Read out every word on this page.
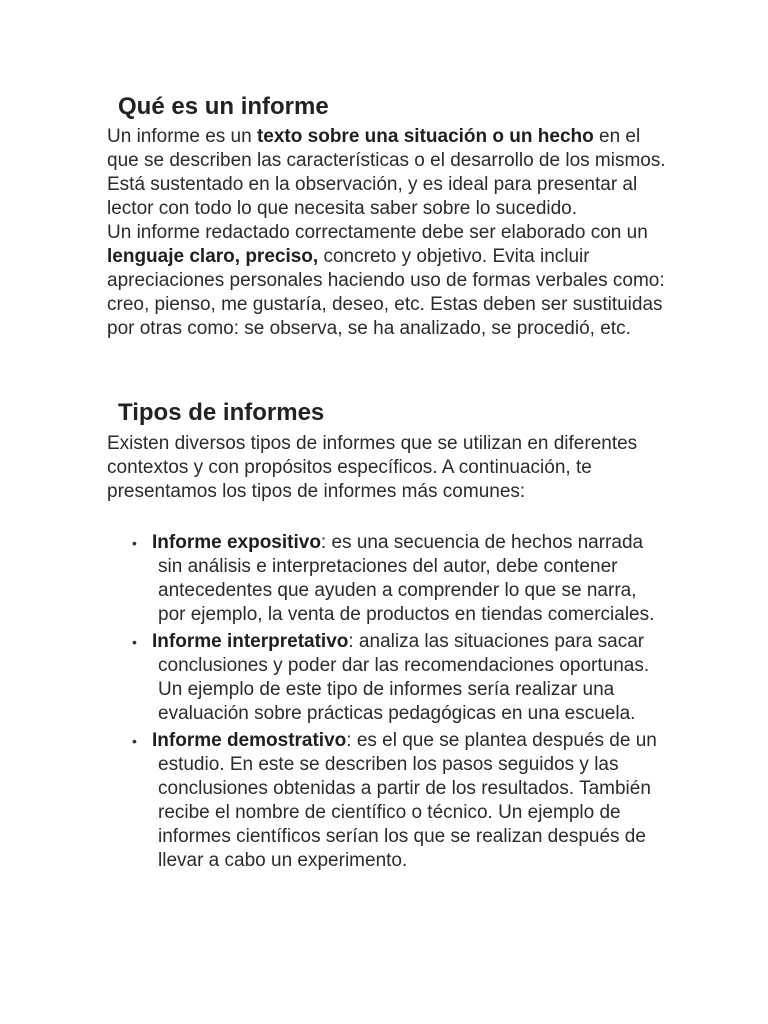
Qué es un informe

Un informe es un texto sobre una situación o un hecho en el que se describen las características o el desarrollo de los mismos. Está sustentado en la observación, y es ideal para presentar al lector con todo lo que necesita saber sobre lo sucedido.

Un informe redactado correctamente debe ser elaborado con un lenguaje claro, preciso, concreto y objetivo. Evita incluir apreciaciones personales haciendo uso de formas verbales como: creo, pienso, me gustaría, deseo, etc. Estas deben ser sustituidas por otras como: se observa, se ha analizado, se procedió, etc.

Tipos de informes

Existen diversos tipos de informes que se utilizan en diferentes contextos y con propósitos específicos. A continuación, te presentamos los tipos de informes más comunes:

• Informe expositivo: es una secuencia de hechos narrada sin análisis e interpretaciones del autor, debe contener antecedentes que ayuden a comprender lo que se narra, por ejemplo, la venta de productos en tiendas comerciales.
• Informe interpretativo: analiza las situaciones para sacar conclusiones y poder dar las recomendaciones oportunas. Un ejemplo de este tipo de informes sería realizar una evaluación sobre prácticas pedagógicas en una escuela.
• Informe demostrativo: es el que se plantea después de un estudio. En este se describen los pasos seguidos y las conclusiones obtenidas a partir de los resultados. También recibe el nombre de científico o técnico. Un ejemplo de informes científicos serían los que se realizan después de llevar a cabo un experimento.
